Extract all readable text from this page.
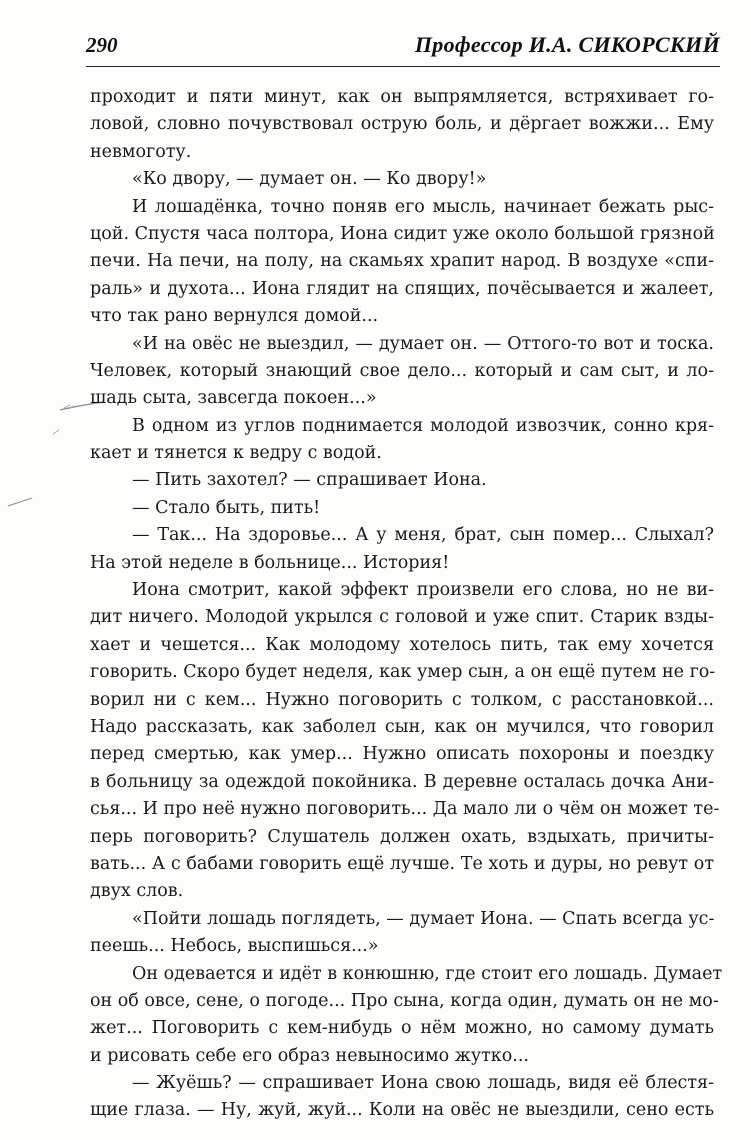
290	Профессор И.А. СИКОРСКИЙ
проходит и пяти минут, как он выпрямляется, встряхивает го-
ловой, словно почувствовал острую боль, и дёргает вожжи... Ему
невмоготу.
«Ко двору, — думает он. — Ко двору!»
И лошадёнка, точно поняв его мысль, начинает бежать рыс-
цой. Спустя часа полтора, Иона сидит уже около большой грязной
печи. На печи, на полу, на скамьях храпит народ. В воздухе «спи-
раль» и духота... Иона глядит на спящих, почёсывается и жалеет,
что так рано вернулся домой...
«И на овёс не выездил, — думает он. — Оттого-то вот и тоска.
Человек, который знающий свое дело... который и сам сыт, и ло-
шадь сыта, завсегда покоен...»
В одном из углов поднимается молодой извозчик, сонно кря-
кает и тянется к ведру с водой.
— Пить захотел? — спрашивает Иона.
— Стало быть, пить!
— Так... На здоровье... А у меня, брат, сын помер... Слыхал?
На этой неделе в больнице... История!
Иона смотрит, какой эффект произвели его слова, но не ви-
дит ничего. Молодой укрылся с головой и уже спит. Старик взды-
хает и чешется... Как молодому хотелось пить, так ему хочется
говорить. Скоро будет неделя, как умер сын, а он ещё путем не го-
ворил ни с кем... Нужно поговорить с толком, с расстановкой...
Надо рассказать, как заболел сын, как он мучился, что говорил
перед смертью, как умер... Нужно описать похороны и поездку
в больницу за одеждой покойника. В деревне осталась дочка Ани-
сья... И про неё нужно поговорить... Да мало ли о чём он может те-
перь поговорить? Слушатель должен охать, вздыхать, причиты-
вать... А с бабами говорить ещё лучше. Те хоть и дуры, но ревут от
двух слов.
«Пойти лошадь поглядеть, — думает Иона. — Спать всегда ус-
пеешь... Небось, выспишься...»
Он одевается и идёт в конюшню, где стоит его лошадь. Думает
он об овсе, сене, о погоде... Про сына, когда один, думать он не мо-
жет... Поговорить с кем-нибудь о нём можно, но самому думать
и рисовать себе его образ невыносимо жутко...
— Жуёшь? — спрашивает Иона свою лошадь, видя её блестя-
щие глаза. — Ну, жуй, жуй... Коли на овёс не выездили, сено есть
